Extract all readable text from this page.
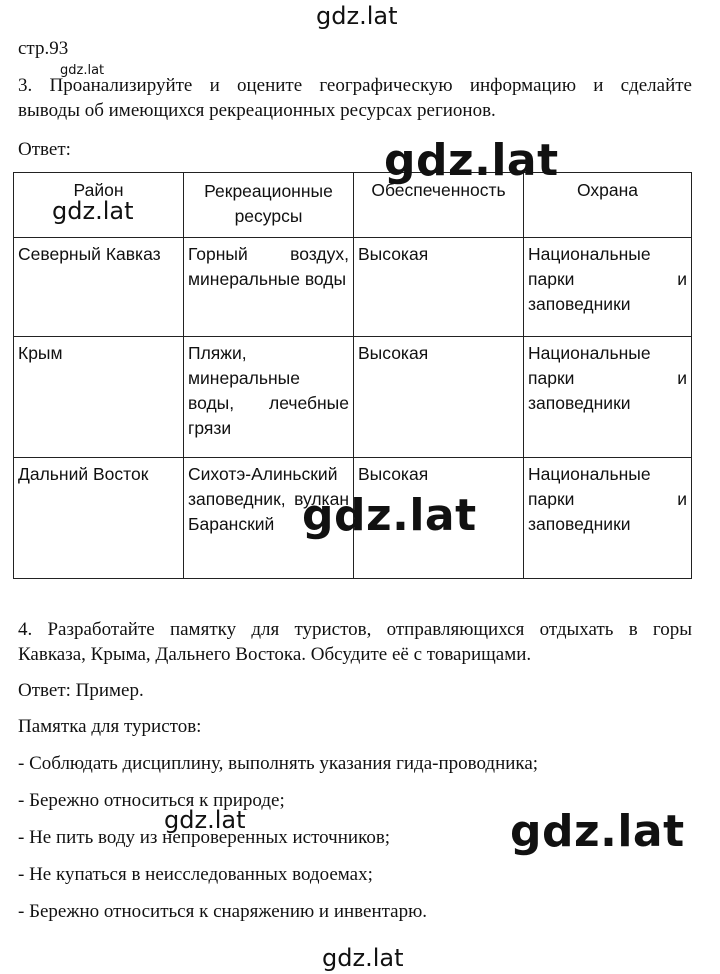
gdz.lat
gdz.lat
gdz.lat
gdz.lat
gdz.lat
gdz.lat	gdz.lat
gdz.lat
стр.93
3. Проанализируйте и оцените географическую информацию и сделайте
выводы об имеющихся рекреационных ресурсах регионов.
Ответ:
Район	Рекреационные ресурсы	Обеспеченность	Охрана
Северный Кавказ	Горный воздух, минеральные воды	Высокая	Национальные парки и заповедники

Крым	Пляжи, минеральные воды, лечебные грязи	Высокая	Национальные парки и заповедники

Дальний Восток	Сихотэ-Алиньский заповедник, вулкан Баранский	Высокая	Национальные парки и заповедники
4. Разработайте памятку для туристов, отправляющихся отдыхать в горы
Кавказа, Крыма, Дальнего Востока. Обсудите её с товарищами.
Ответ: Пример.
Памятка для туристов:
- Соблюдать дисциплину, выполнять указания гида-проводника;
- Бережно относиться к природе;
- Не пить воду из непроверенных источников;
- Не купаться в неисследованных водоемах;
- Бережно относиться к снаряжению и инвентарю.
